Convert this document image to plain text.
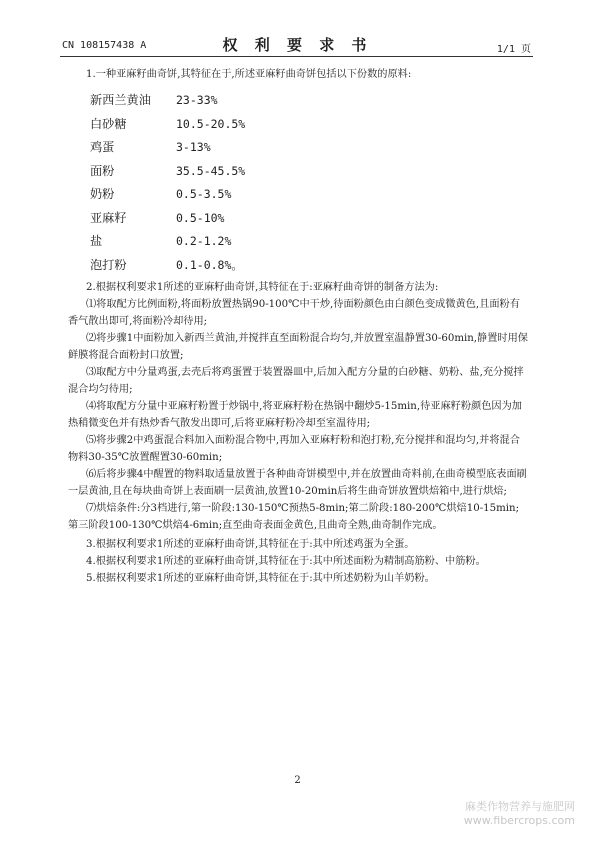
CN 108157438 A	权 利 要 求 书	1/1 页

1.一种亚麻籽曲奇饼,其特征在于,所述亚麻籽曲奇饼包括以下份数的原料:

新西兰黄油	23-33%
白砂糖	10.5-20.5%
鸡蛋	3-13%
面粉	35.5-45.5%
奶粉	0.5-3.5%
亚麻籽	0.5-10%
盐	0.2-1.2%
泡打粉	0.1-0.8%。

2.根据权利要求1所述的亚麻籽曲奇饼,其特征在于:亚麻籽曲奇饼的制备方法为:

⑴将取配方比例面粉,将面粉放置热锅90-100℃中干炒,待面粉颜色由白颜色变成微黄色,且面粉有香气散出即可,将面粉冷却待用;

⑵将步骤1中面粉加入新西兰黄油,并搅拌直至面粉混合均匀,并放置室温静置30-60min,静置时用保鲜膜将混合面粉封口放置;

⑶取配方中分量鸡蛋,去壳后将鸡蛋置于装置器皿中,后加入配方分量的白砂糖、奶粉、盐,充分搅拌混合均匀待用;

⑷将取配方分量中亚麻籽粉置于炒锅中,将亚麻籽粉在热锅中翻炒5-15min,待亚麻籽粉颜色因为加热稍微变色并有热炒香气散发出即可,后将亚麻籽粉冷却至室温待用;

⑸将步骤2中鸡蛋混合料加入面粉混合物中,再加入亚麻籽粉和泡打粉,充分搅拌和混均匀,并将混合物料30-35℃放置醒置30-60min;

⑹后将步骤4中醒置的物料取适量放置于各种曲奇饼模型中,并在放置曲奇料前,在曲奇模型底表面刷一层黄油,且在每块曲奇饼上表面刷一层黄油,放置10-20min后将生曲奇饼放置烘焙箱中,进行烘焙;

⑺烘焙条件:分3档进行,第一阶段:130-150℃预热5-8min;第二阶段:180-200℃烘焙10-15min;第三阶段100-130℃烘焙4-6min;直至曲奇表面金黄色,且曲奇全熟,曲奇制作完成。

3.根据权利要求1所述的亚麻籽曲奇饼,其特征在于:其中所述鸡蛋为全蛋。

4.根据权利要求1所述的亚麻籽曲奇饼,其特征在于:其中所述面粉为精制高筋粉、中筋粉。

5.根据权利要求1所述的亚麻籽曲奇饼,其特征在于:其中所述奶粉为山羊奶粉。

2
麻类作物营养与施肥网
www.fibercrops.com
